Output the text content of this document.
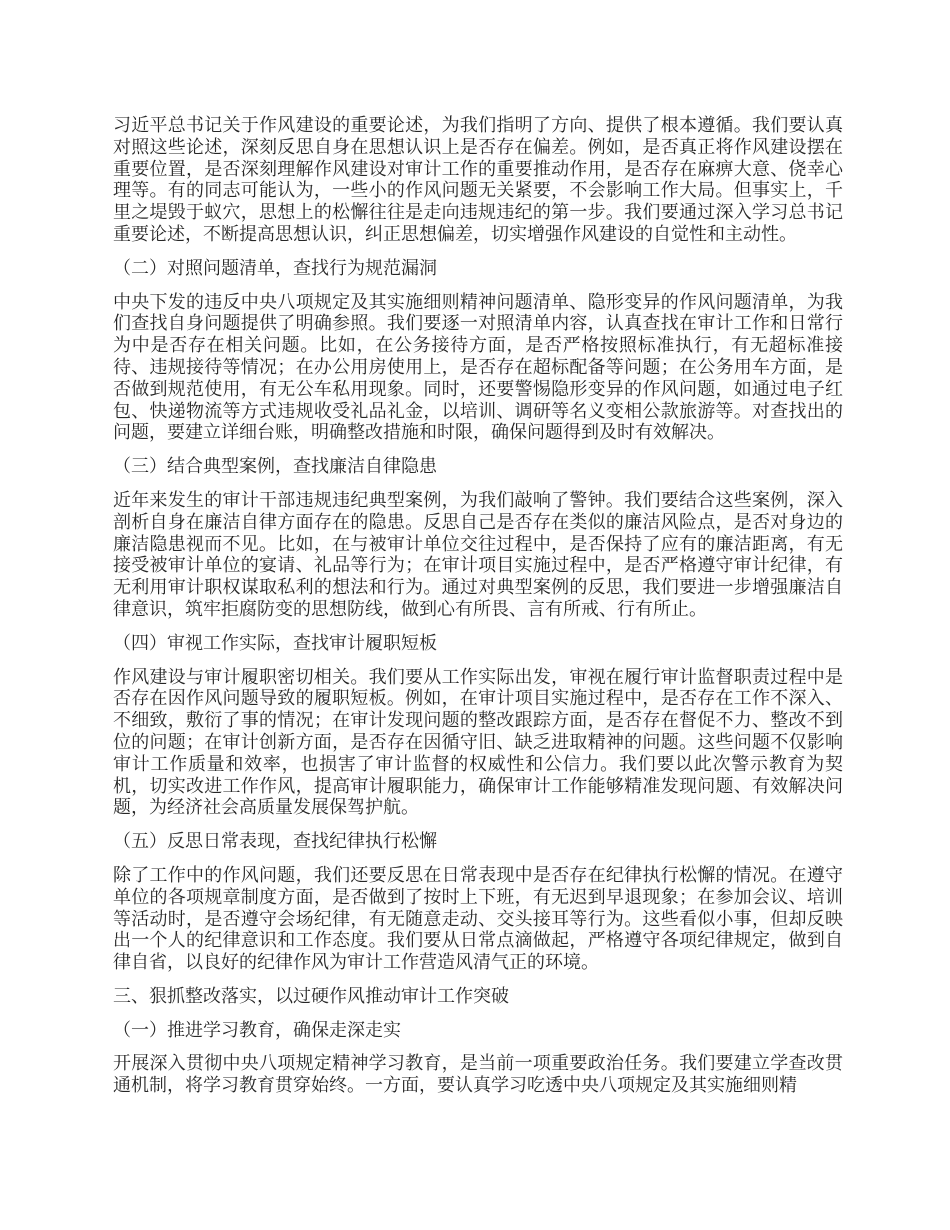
习近平总书记关于作风建设的重要论述，为我们指明了方向、提供了根本遵循。我们要认真对照这些论述，深刻反思自身在思想认识上是否存在偏差。例如，是否真正将作风建设摆在重要位置，是否深刻理解作风建设对审计工作的重要推动作用，是否存在麻痹大意、侥幸心理等。有的同志可能认为，一些小的作风问题无关紧要，不会影响工作大局。但事实上，千里之堤毁于蚁穴，思想上的松懈往往是走向违规违纪的第一步。我们要通过深入学习总书记重要论述，不断提高思想认识，纠正思想偏差，切实增强作风建设的自觉性和主动性。

（二）对照问题清单，查找行为规范漏洞

中央下发的违反中央八项规定及其实施细则精神问题清单、隐形变异的作风问题清单，为我们查找自身问题提供了明确参照。我们要逐一对照清单内容，认真查找在审计工作和日常行为中是否存在相关问题。比如，在公务接待方面，是否严格按照标准执行，有无超标准接待、违规接待等情况；在办公用房使用上，是否存在超标配备等问题；在公务用车方面，是否做到规范使用，有无公车私用现象。同时，还要警惕隐形变异的作风问题，如通过电子红包、快递物流等方式违规收受礼品礼金，以培训、调研等名义变相公款旅游等。对查找出的问题，要建立详细台账，明确整改措施和时限，确保问题得到及时有效解决。

（三）结合典型案例，查找廉洁自律隐患

近年来发生的审计干部违规违纪典型案例，为我们敲响了警钟。我们要结合这些案例，深入剖析自身在廉洁自律方面存在的隐患。反思自己是否存在类似的廉洁风险点，是否对身边的廉洁隐患视而不见。比如，在与被审计单位交往过程中，是否保持了应有的廉洁距离，有无接受被审计单位的宴请、礼品等行为；在审计项目实施过程中，是否严格遵守审计纪律，有无利用审计职权谋取私利的想法和行为。通过对典型案例的反思，我们要进一步增强廉洁自律意识，筑牢拒腐防变的思想防线，做到心有所畏、言有所戒、行有所止。

（四）审视工作实际，查找审计履职短板

作风建设与审计履职密切相关。我们要从工作实际出发，审视在履行审计监督职责过程中是否存在因作风问题导致的履职短板。例如，在审计项目实施过程中，是否存在工作不深入、不细致，敷衍了事的情况；在审计发现问题的整改跟踪方面，是否存在督促不力、整改不到位的问题；在审计创新方面，是否存在因循守旧、缺乏进取精神的问题。这些问题不仅影响审计工作质量和效率，也损害了审计监督的权威性和公信力。我们要以此次警示教育为契机，切实改进工作作风，提高审计履职能力，确保审计工作能够精准发现问题、有效解决问题，为经济社会高质量发展保驾护航。

（五）反思日常表现，查找纪律执行松懈

除了工作中的作风问题，我们还要反思在日常表现中是否存在纪律执行松懈的情况。在遵守单位的各项规章制度方面，是否做到了按时上下班，有无迟到早退现象；在参加会议、培训等活动时，是否遵守会场纪律，有无随意走动、交头接耳等行为。这些看似小事，但却反映出一个人的纪律意识和工作态度。我们要从日常点滴做起，严格遵守各项纪律规定，做到自律自省，以良好的纪律作风为审计工作营造风清气正的环境。

三、狠抓整改落实，以过硬作风推动审计工作突破
（一）推进学习教育，确保走深走实

开展深入贯彻中央八项规定精神学习教育，是当前一项重要政治任务。我们要建立学查改贯通机制，将学习教育贯穿始终。一方面，要认真学习吃透中央八项规定及其实施细则精
